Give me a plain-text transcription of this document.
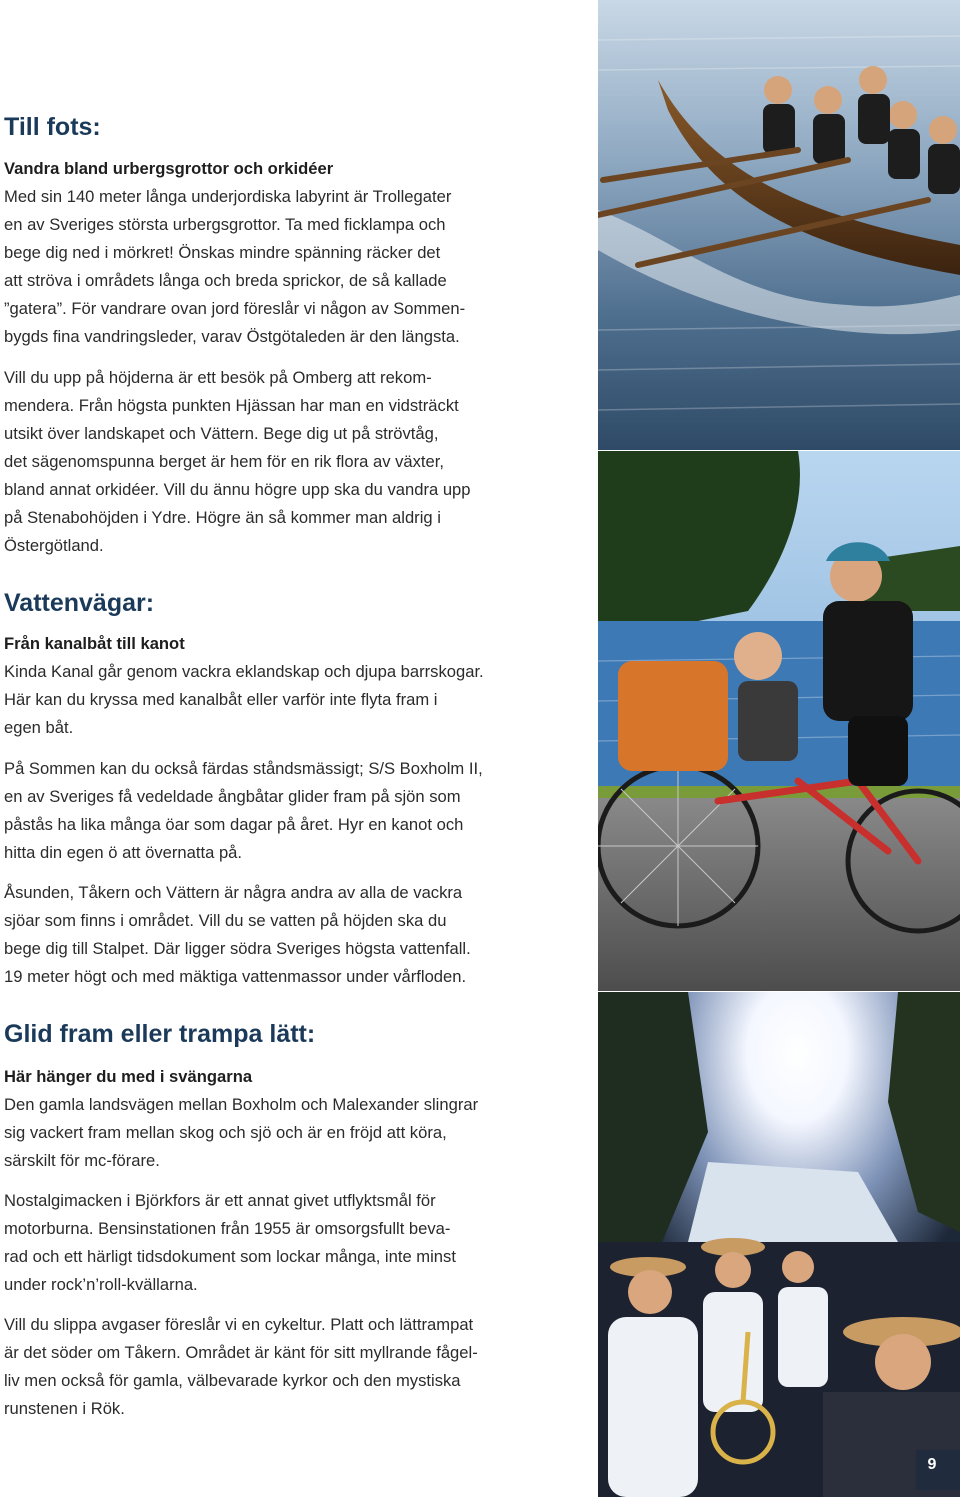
Till fots:
Vandra bland urbergsgrottor och orkidéer
Med sin 140 meter långa underjordiska labyrint är Trollegater
en av Sveriges största urbergsgrottor. Ta med ficklampa och
bege dig ned i mörkret! Önskas mindre spänning räcker det
att ströva i områdets långa och breda sprickor, de så kallade
”gatera”. För vandrare ovan jord föreslår vi någon av Sommen-
bygds fina vandringsleder, varav Östgötaleden är den längsta.
Vill du upp på höjderna är ett besök på Omberg att rekom-
mendera. Från högsta punkten Hjässan har man en vidsträckt
utsikt över landskapet och Vättern. Bege dig ut på strövtåg,
det sägenomspunna berget är hem för en rik flora av växter,
bland annat orkidéer. Vill du ännu högre upp ska du vandra upp
på Stenabohöjden i Ydre. Högre än så kommer man aldrig i
Östergötland.
Vattenvägar:
Från kanalbåt till kanot
Kinda Kanal går genom vackra eklandskap och djupa barrskogar.
Här kan du kryssa med kanalbåt eller varför inte flyta fram i
egen båt.
På Sommen kan du också färdas ståndsmässigt; S/S Boxholm II,
en av Sveriges få vedeldade ångbåtar glider fram på sjön som
påstås ha lika många öar som dagar på året. Hyr en kanot och
hitta din egen ö att övernatta på.
Åsunden, Tåkern och Vättern är några andra av alla de vackra
sjöar som finns i området. Vill du se vatten på höjden ska du
bege dig till Stalpet. Där ligger södra Sveriges högsta vattenfall.
19 meter högt och med mäktiga vattenmassor under vårfloden.
Glid fram eller trampa lätt:
Här hänger du med i svängarna
Den gamla landsvägen mellan Boxholm och Malexander slingrar
sig vackert fram mellan skog och sjö och är en fröjd att köra,
särskilt för mc-förare.
Nostalgimacken i Björkfors är ett annat givet utflyktsmål för
motorburna. Bensinstationen från 1955 är omsorgsfullt beva-
rad och ett härligt tidsdokument som lockar många, inte minst
under rock’n’roll-kvällarna.
Vill du slippa avgaser föreslår vi en cykeltur. Platt och lättrampat
är det söder om Tåkern. Området är känt för sitt myllrande fågel-
liv men också för gamla, välbevarade kyrkor och den mystiska
runstenen i Rök.
9
